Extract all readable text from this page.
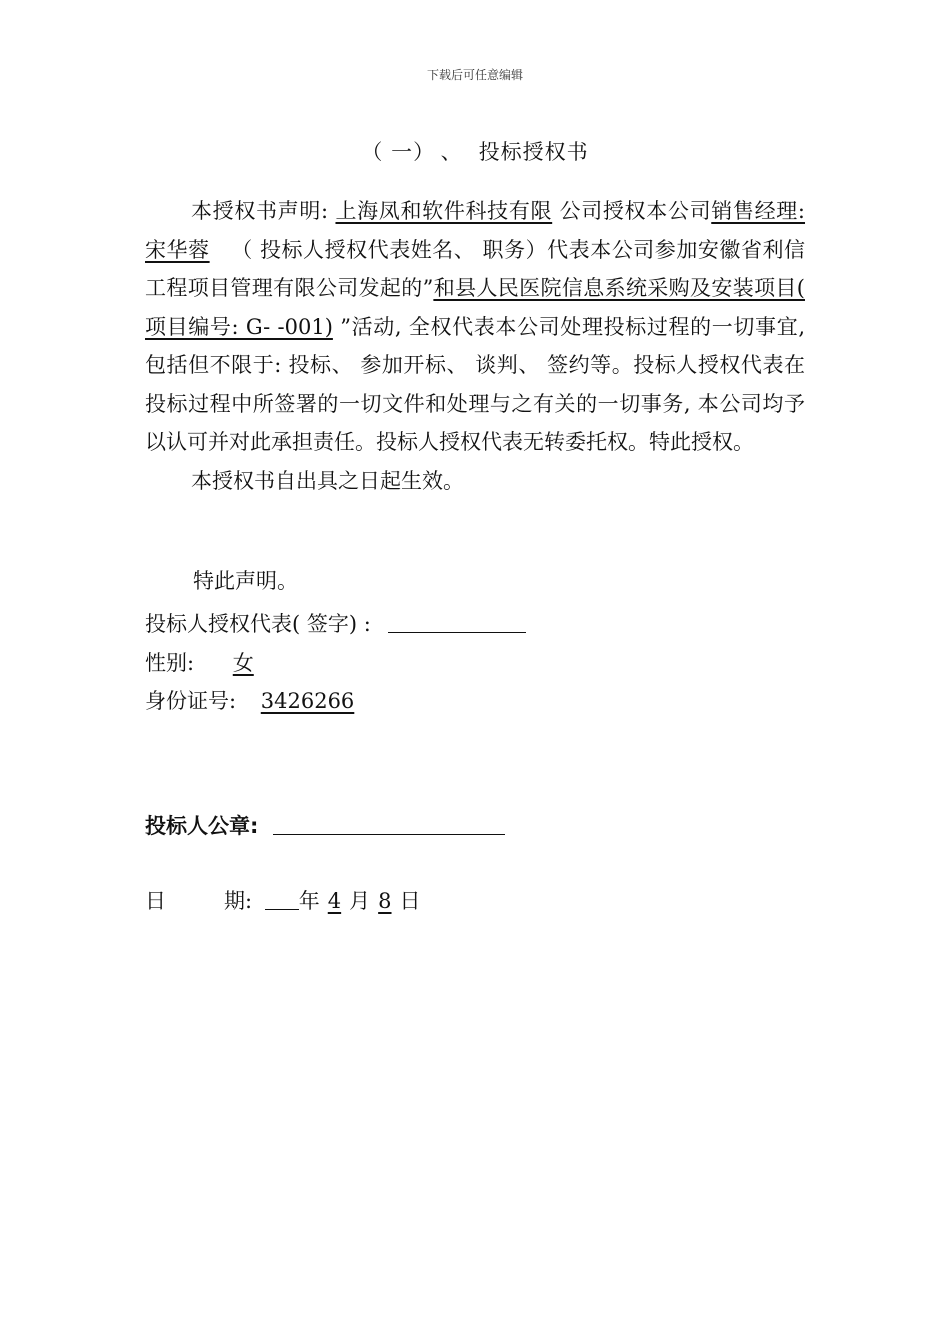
下载后可任意编辑
（ 一） 、 投标授权书

本授权书声明: 上海凤和软件科技有限 公司授权本公司销售经理:宋华蓉 （ 投标人授权代表姓名、 职务）代表本公司参加安徽省利信工程项目管理有限公司发起的”和县人民医院信息系统采购及安装项目( 项目编号: G- -001) ”活动, 全权代表本公司处理投标过程的一切事宜, 包括但不限于: 投标、 参加开标、 谈判、 签约等。投标人授权代表在投标过程中所签署的一切文件和处理与之有关的一切事务, 本公司均予以认可并对此承担责任。投标人授权代表无转委托权。特此授权。

本授权书自出具之日起生效。

特此声明。
投标人授权代表( 签字) :
性别: 女
身份证号: 3426266
投标人公章:
日	期: 年 4 月 8 日
